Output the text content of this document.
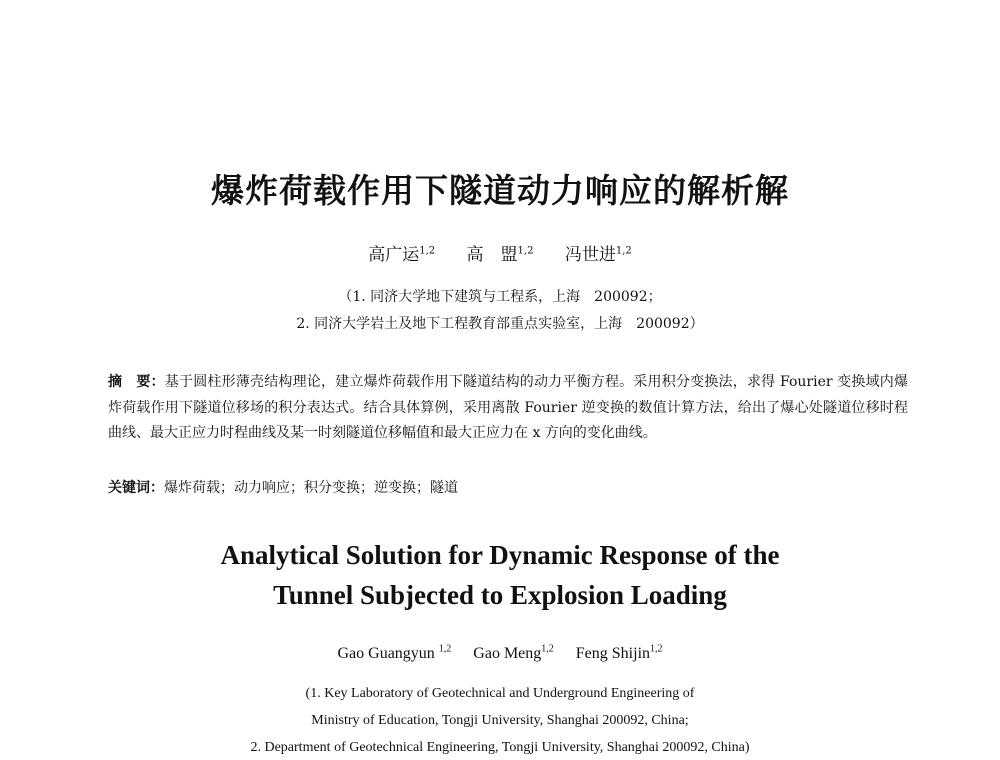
爆炸荷载作用下隧道动力响应的解析解
高广运$^{1,2}$ 高　盟$^{1,2}$ 冯世进$^{1,2}$
（1. 同济大学地下建筑与工程系，上海　200092；
2. 同济大学岩土及地下工程教育部重点实验室，上海　200092）
摘　要：基于圆柱形薄壳结构理论，建立爆炸荷载作用下隧道结构的动力平衡方程。采用积分变换法，求得 Fourier 变换域内爆炸荷载作用下隧道位移场的积分表达式。结合具体算例，采用离散 Fourier 逆变换的数值计算方法，给出了爆心处隧道位移时程曲线、最大正应力时程曲线及某一时刻隧道位移幅值和最大正应力在 x 方向的变化曲线。
关键词：爆炸荷载；动力响应；积分变换；逆变换；隧道
Analytical Solution for Dynamic Response of the
Tunnel Subjected to Explosion Loading
Gao Guangyun $^{1,2}$ Gao Meng$^{1,2}$ Feng Shijin$^{1,2}$
(1. Key Laboratory of Geotechnical and Underground Engineering of
Ministry of Education, Tongji University, Shanghai 200092, China;
2. Department of Geotechnical Engineering, Tongji University, Shanghai 200092, China)
